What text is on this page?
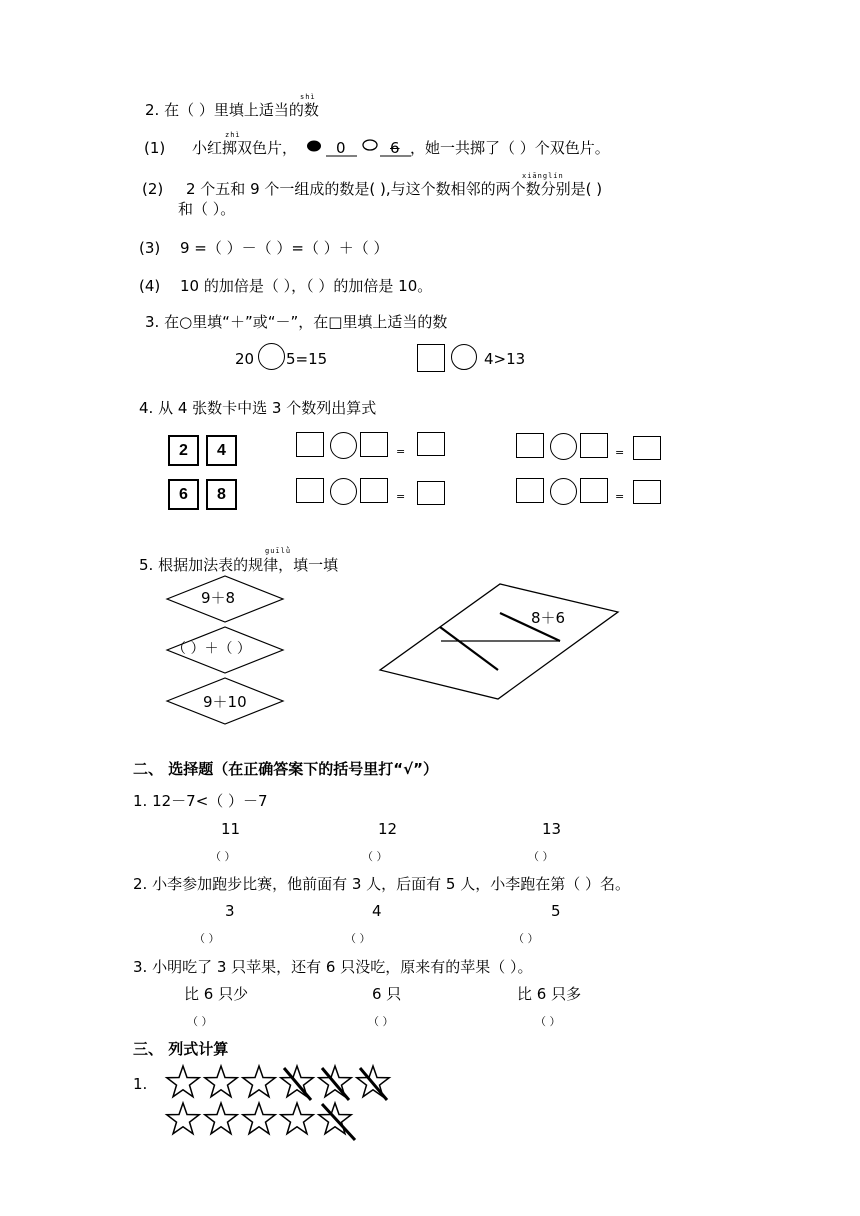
shì
2. 在（ ）里填上适当的数
(1)
zhì
小红掷双色片，	0	6 ，她一共掷了（ ）个双色片。
(2)
xiānglín
2 个五和 9 个一组成的数是( ),与这个数相邻的两个数分别是( )
和（ ）。
(3) 9 =（ ）－（ ）=（ ）＋（ ）
(4) 10 的加倍是（ ），（ ）的加倍是 10。
3. 在○里填“＋”或“－”，在□里填上适当的数
20 5=15	4>13
4. 从 4 张数卡中选 3 个数列出算式
2	4
6	8
=	=
=	=
guīlǜ
5. 根据加法表的规律，填一填
9＋8
（ ）＋（ ）
9＋10
8＋6
二、 选择题（在正确答案下的括号里打“√”）
1. 12－7<（ ）－7
11	12	13
（ ）	（ ）	（ ）
2. 小李参加跑步比赛，他前面有 3 人，后面有 5 人，小李跑在第（ ）名。
3	4	5
（ ）	（ ）	（ ）
3. 小明吃了 3 只苹果，还有 6 只没吃，原来有的苹果（ ）。
比 6 只少	6 只	比 6 只多
（ ）	（ ）	（ ）
三、 列式计算
1.
